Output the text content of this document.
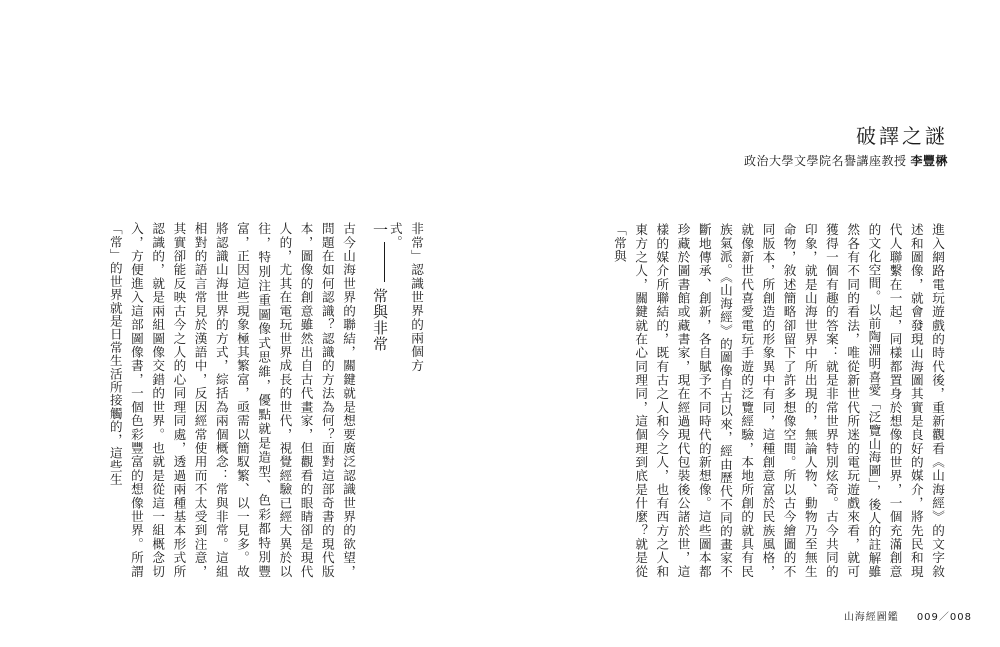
破譯之謎
政治大學文學院名譽講座教授 李豐楙

進入網路電玩遊戲的時代後，重新觀看《山海經》的文字敘述和圖像，就會發現山海圖其實是良好的媒介，將先民和現代人聯繫在一起，同樣都置身於想像的世界，一個充滿創意的文化空間。以前陶淵明喜愛「泛覽山海圖」，後人的註解雖然各有不同的看法，唯從新世代所迷的電玩遊戲來看，就可獲得一個有趣的答案：就是非常世界特別炫奇。古今共同的印象，就是山海世界中所出現的，無論人物、動物乃至無生命物，敘述簡略卻留下了許多想像空間。所以古今繪圖的不同版本，所創造的形象異中有同，這種創意富於民族風格，就像新世代喜愛電玩手遊的泛覽經驗，本地所創的就具有民族氣派。《山海經》的圖像自古以來，經由歷代不同的畫家不斷地傳承、創新，各自賦予不同時代的新想像。這些圖本都珍藏於圖書館或藏書家，現在經過現代包裝後公諸於世，這樣的媒介所聯結的，既有古之人和今之人，也有西方之人和東方之人，關鍵就在心同理同，這個理到底是什麼？就是從「常與

非常」認識世界的兩個方式。

一常與非常

古今山海世界的聯結，關鍵就是想要廣泛認識世界的欲望，問題在如何認識？認識的方法為何？面對這部奇書的現代版本，圖像的創意雖然出自古代畫家，但觀看的眼睛卻是現代人的，尤其在電玩世界成長的世代，視覺經驗已經大異於以往，特別注重圖像式思維，優點就是造型、色彩都特別豐富，正因這些現象極其繁富，亟需以簡馭繁、以一見多。故將認識山海世界的方式，綜括為兩個概念：常與非常。這組相對的語言常見於漢語中，反因經常使用而不太受到注意，其實卻能反映古今之人的心同理同處，透過兩種基本形式所認識的，就是兩組圖像交錯的世界。也就是從這一組概念切入，方便進入這部圖像書，一個色彩豐富的想像世界。所謂「常」的世界就是日常生活所接觸的，這些生

山海經圖鑑 009／008
